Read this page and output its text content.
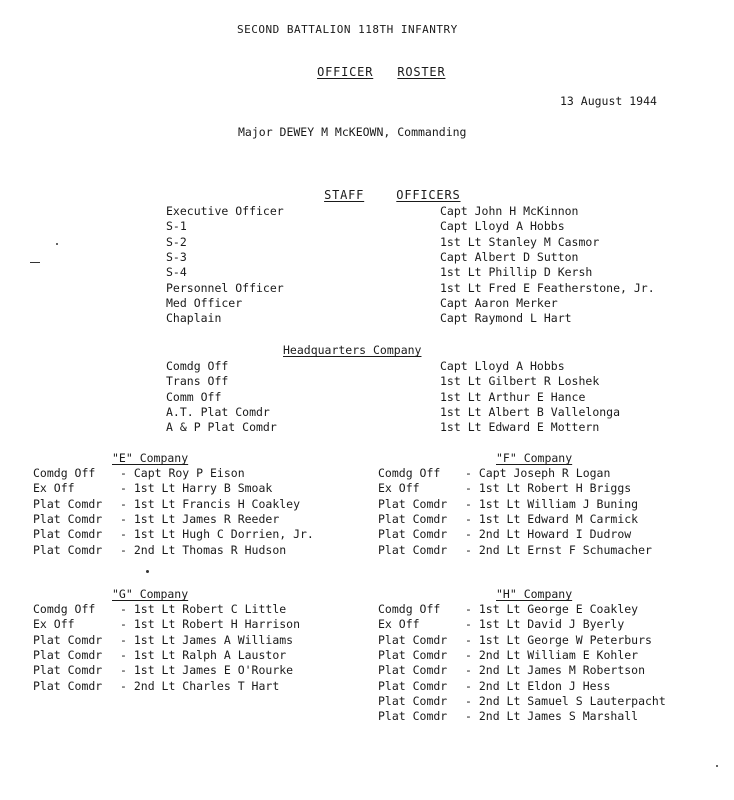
SECOND BATTALION 118TH INFANTRY

OFFICER ROSTER

13 August 1944
Major DEWEY M McKEOWN, Commanding

STAFF	OFFICERS

Executive Officer	Capt John H McKinnon
S-1	Capt Lloyd A Hobbs
S-2	1st Lt Stanley M Casmor
S-3	Capt Albert D Sutton
S-4	1st Lt Phillip D Kersh
Personnel Officer	1st Lt Fred E Featherstone, Jr.
Med Officer	Capt Aaron Merker
Chaplain	Capt Raymond L Hart
Headquarters Company
Comdg Off	Capt Lloyd A Hobbs
Trans Off	1st Lt Gilbert R Loshek
Comm Off	1st Lt Arthur E Hance
A.T. Plat Comdr	1st Lt Albert B Vallelonga
A & P Plat Comdr	1st Lt Edward E Mottern
"E" Company
Comdg Off - Capt Roy P Eison
Ex Off	- 1st Lt Harry B Smoak
Plat Comdr - 1st Lt Francis H Coakley
Plat Comdr - 1st Lt James R Reeder
Plat Comdr - 1st Lt Hugh C Dorrien, Jr.
Plat Comdr - 2nd Lt Thomas R Hudson
"F" Company
Comdg Off - Capt Joseph R Logan
Ex Off	- 1st Lt Robert H Briggs
Plat Comdr - 1st Lt William J Buning
Plat Comdr - 1st Lt Edward M Carmick
Plat Comdr - 2nd Lt Howard I Dudrow
Plat Comdr - 2nd Lt Ernst F Schumacher
"G" Company
Comdg Off - 1st Lt Robert C Little
Ex Off	- 1st Lt Robert H Harrison
Plat Comdr - 1st Lt James A Williams
Plat Comdr - 1st Lt Ralph A Laustor
Plat Comdr - 1st Lt James E O'Rourke
Plat Comdr - 2nd Lt Charles T Hart
"H" Company
Comdg Off - 1st Lt George E Coakley
Ex Off	- 1st Lt David J Byerly
Plat Comdr - 1st Lt George W Peterburs
Plat Comdr - 2nd Lt William E Kohler
Plat Comdr - 2nd Lt James M Robertson
Plat Comdr - 2nd Lt Eldon J Hess
Plat Comdr - 2nd Lt Samuel S Lauterpacht
Plat Comdr - 2nd Lt James S Marshall
